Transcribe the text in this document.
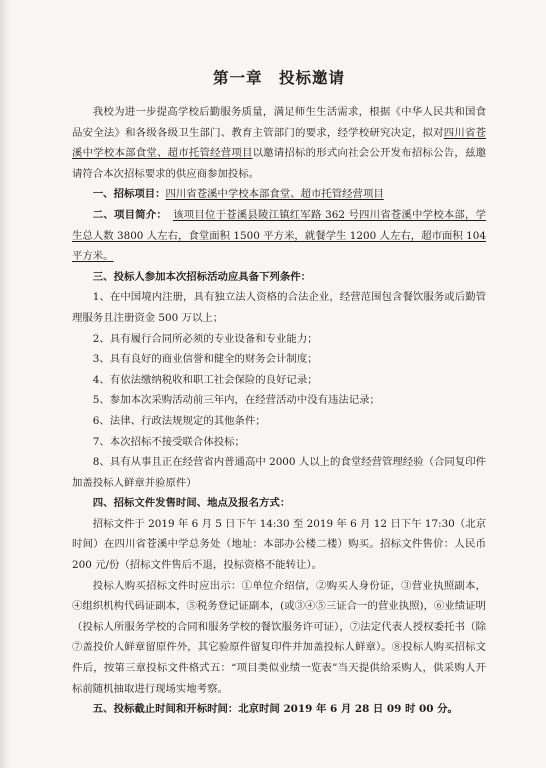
第一章　投标邀请

我校为进一步提高学校后勤服务质量，满足师生生活需求，根据《中华人民共和国食品安全法》和各级各级卫生部门、教育主管部门的要求，经学校研究决定，拟对四川省苍溪中学校本部食堂、超市托管经营项目以邀请招标的形式向社会公开发布招标公告，兹邀请符合本次招标要求的供应商参加投标。

一、招标项目：四川省苍溪中学校本部食堂、超市托管经营项目

二、项目简介： 该项目位于苍溪县陵江镇红军路 362 号四川省苍溪中学校本部，学生总人数 3800 人左右，食堂面积 1500 平方米，就餐学生 1200 人左右，超市面积 104 平方米。

三、投标人参加本次招标活动应具备下列条件：

1、在中国境内注册，具有独立法人资格的合法企业，经营范围包含餐饮服务或后勤管理服务且注册资金 500 万以上；

2、具有履行合同所必须的专业设备和专业能力；

3、具有良好的商业信誉和健全的财务会计制度；

4、有依法缴纳税收和职工社会保险的良好记录；

5、参加本次采购活动前三年内，在经营活动中没有违法记录；

6、法律、行政法规规定的其他条件；

7、本次招标不接受联合体投标；

8、具有从事且正在经营省内普通高中 2000 人以上的食堂经营管理经验（合同复印件加盖投标人鲜章并验原件）

四、招标文件发售时间、地点及报名方式：

招标文件于 2019 年 6 月 5 日下午 14:30 至 2019 年 6 月 12 日下午 17:30（北京时间）在四川省苍溪中学总务处（地址：本部办公楼二楼）购买。招标文件售价：人民币 200 元/份（招标文件售后不退，投标资格不能转让）。

投标人购买招标文件时应出示：①单位介绍信，②购买人身份证，③营业执照副本，④组织机构代码证副本，⑤税务登记证副本，(或③④⑤三证合一的营业执照)，⑥业绩证明（投标人所服务学校的合同和服务学校的餐饮服务许可证），⑦法定代表人授权委托书（除⑦盖投价人鲜章留原件外，其它验原件留复印件并加盖投标人鲜章）。⑧投标人购买招标文件后，按第三章投标文件格式五：“项目类似业绩一览表”当天提供给采购人，供采购人开标前随机抽取进行现场实地考察。

五、投标截止时间和开标时间：北京时间 2019 年 6 月 28 日 09 时 00 分。
